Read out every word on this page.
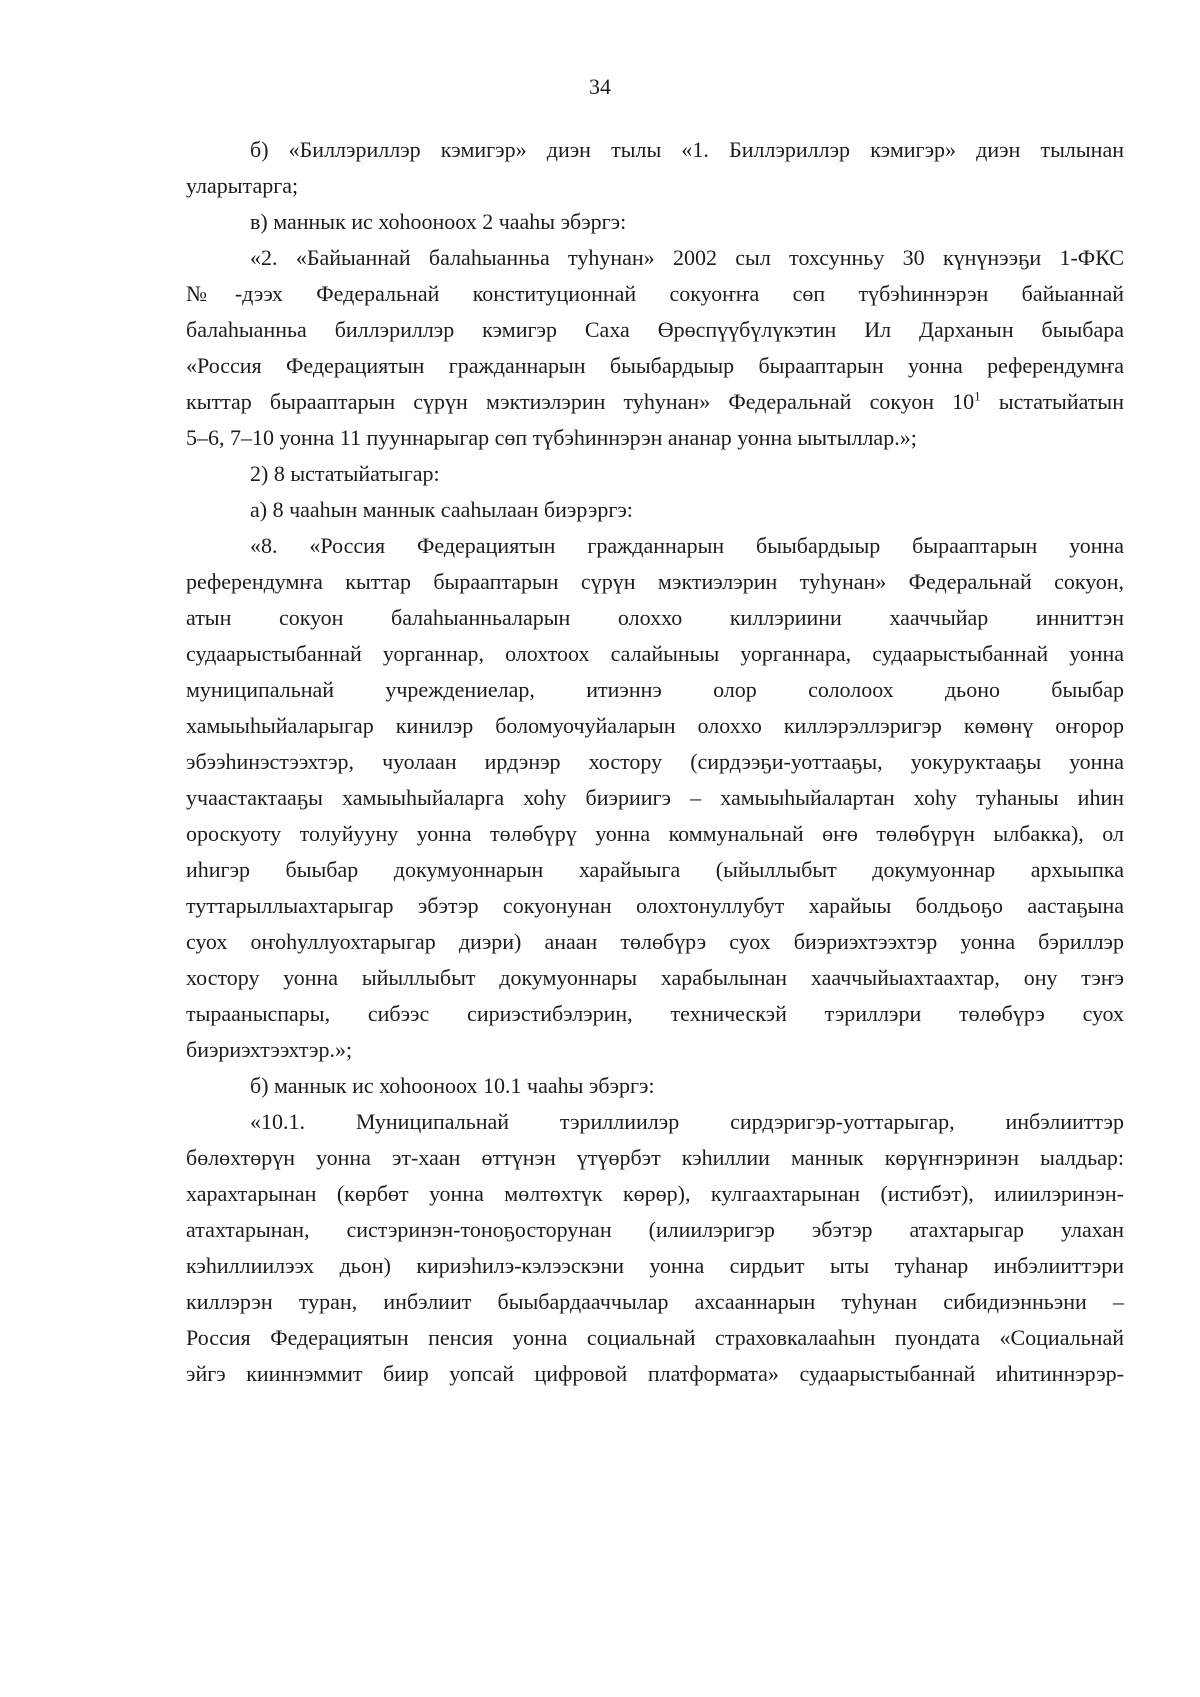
34
б) «Биллэриллэр кэмигэр» диэн тылы «1. Биллэриллэр кэмигэр» диэн тылынан
уларытарга;
в) маннык ис хоһооноох 2 чааһы эбэргэ:
«2. «Байыаннай балаһыанньа туһунан» 2002 сыл тохсунньу 30 күнүнээҕи 1-ФКС
№-дээх Федеральнай конституционнай сокуоҥҥа сөп түбэһиннэрэн байыаннай
балаһыанньа биллэриллэр кэмигэр Саха Өрөспүүбүлүкэтин Ил Дарханын быыбара
«Россия Федерациятын гражданнарын быыбардыыр бырааптарын уонна референдумҥа
кыттар бырааптарын сүрүн мэктиэлэрин туһунан» Федеральнай сокуон $10^1$ ыстатыйатын
5–6, 7–10 уонна 11 пууннарыгар сөп түбэһиннэрэн ананар уонна ыытыллар.»;
2) 8 ыстатыйатыгар:
а) 8 чааһын маннык сааһылаан биэрэргэ:
«8. «Россия Федерациятын гражданнарын быыбардыыр бырааптарын уонна
референдумҥа кыттар бырааптарын сүрүн мэктиэлэрин туһунан» Федеральнай сокуон,
атын сокуон балаһыанньаларын олоххо киллэриини хааччыйар инниттэн
судаарыстыбаннай уорганнар, олохтоох салайыныы уорганнара, судаарыстыбаннай уонна
муниципальнай учреждениелар, итиэннэ олор сололоох дьоно быыбар
хамыыһыйаларыгар кинилэр боломуочуйаларын олоххо киллэрэллэригэр көмөнү оҥорор
эбээһинэстээхтэр, чуолаан ирдэнэр хостору (сирдээҕи-уоттааҕы, уокуруктааҕы уонна
учаастактааҕы хамыыһыйаларга хоһу биэриигэ – хамыыһыйалартан хоһу туһаныы иһин
ороскуоту толуйууну уонна төлөбүрү уонна коммунальнай өҥө төлөбүрүн ылбакка), ол
иһигэр быыбар докумуоннарын харайыыга (ыйыллыбыт докумуоннар архыыпка
туттарыллыахтарыгар эбэтэр сокуонунан олохтонуллубут харайыы болдьоҕо аастаҕына
суох оҥоһуллуохтарыгар диэри) анаан төлөбүрэ суох биэриэхтээхтэр уонна бэриллэр
хостору уонна ыйыллыбыт докумуоннары харабылынан хааччыйыахтаахтар, ону тэҥэ
тырааныспары, сибээс сириэстибэлэрин, техническэй тэриллэри төлөбүрэ суох
биэриэхтээхтэр.»;
б) маннык ис хоһооноох 10.1 чааһы эбэргэ:
«10.1. Муниципальнай тэриллиилэр сирдэригэр-уоттарыгар, инбэлииттэр
бөлөхтөрүн уонна эт-хаан өттүнэн үтүөрбэт кэһиллии маннык көрүҥнэринэн ыалдьар:
харахтарынан (көрбөт уонна мөлтөхтүк көрөр), кулгаахтарынан (истибэт), илиилэринэн-
атахтарынан, систэринэн-тоноҕосторунан (илиилэригэр эбэтэр атахтарыгар улахан
кэһиллиилээх дьон) кириэһилэ-кэлээскэни уонна сирдьит ыты туһанар инбэлииттэри
киллэрэн туран, инбэлиит быыбардааччылар ахсааннарын туһунан сибидиэнньэни –
Россия Федерациятын пенсия уонна социальнай страховкалааһын пуондата «Социальнай
эйгэ кииннэммит биир уопсай цифровой платформата» судаарыстыбаннай иһитиннэрэр-
